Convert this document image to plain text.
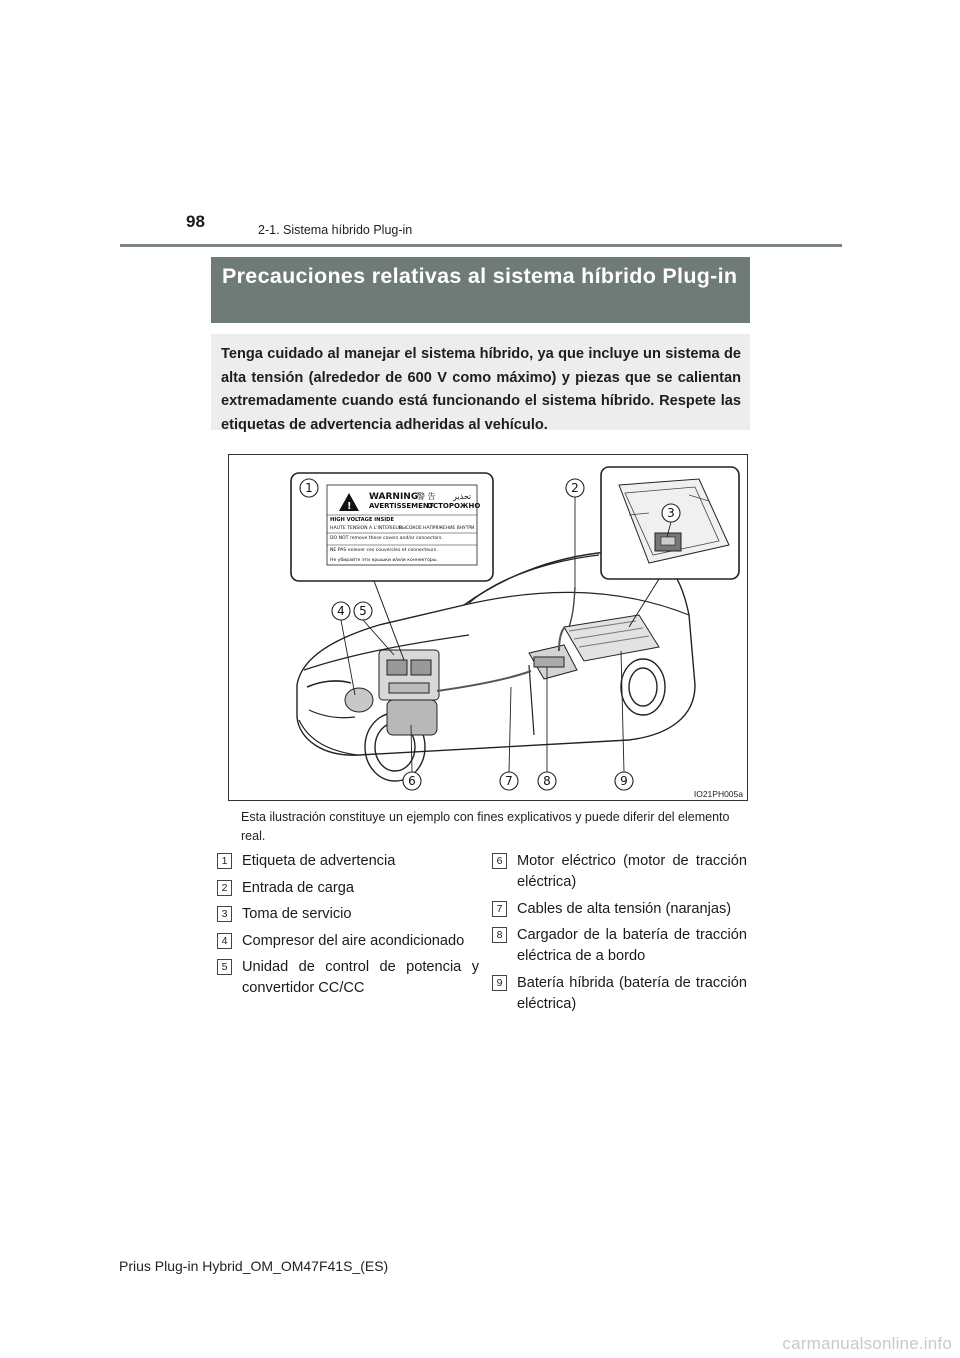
98	2-1. Sistema híbrido Plug-in
Precauciones relativas al sistema híbrido Plug-in
Tenga cuidado al manejar el sistema híbrido, ya que incluye un sistema de alta tensión (alrededor de 600 V como máximo) y piezas que se calientan extremadamente cuando está funcionando el sistema híbrido. Respete las etiquetas de advertencia adheridas al vehículo.
!
WARNING
警 告 تحذير
AVERTISSEMENT
ОСТОРОЖНО
HIGH VOLTAGE INSIDE
HAUTE TENSION A L'INTERIEUR
ВЫСОКОЕ НАПРЯЖЕНИЕ ВНУТРИ
DO NOT remove these covers and/or connectors.
NE PAS enlever ces couvercles et connecteurs.
Не убирайте эти крышки и/или коннекторы.
1	2
3
4 5
6	7	8	9
IO21PH005a
Esta ilustración constituye un ejemplo con fines explicativos y puede diferir del elemento real.
1 Etiqueta de advertencia
2 Entrada de carga
3 Toma de servicio
4 Compresor del aire acondicionado
5 Unidad de control de potencia y convertidor CC/CC
6 Motor eléctrico (motor de tracción eléctrica)
7 Cables de alta tensión (naranjas)
8 Cargador de la batería de tracción eléctrica de a bordo
9 Batería híbrida (batería de tracción eléctrica)
Prius Plug-in Hybrid_OM_OM47F41S_(ES)
carmanualsonline.info
